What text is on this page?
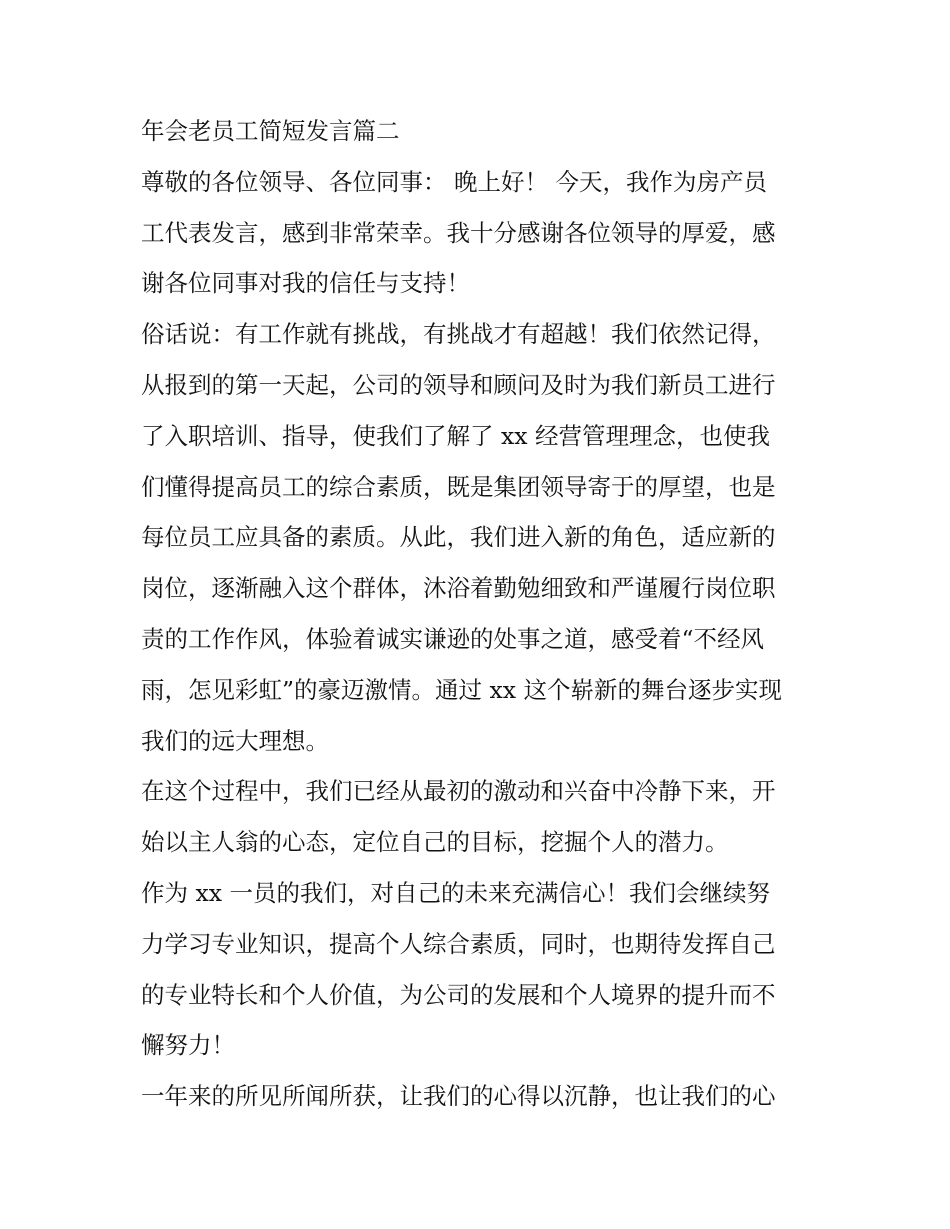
年会老员工简短发言篇二
尊敬的各位领导、各位同事： 晚上好！ 今天，我作为房产员
工代表发言，感到非常荣幸。我十分感谢各位领导的厚爱，感
谢各位同事对我的信任与支持！
俗话说：有工作就有挑战，有挑战才有超越！我们依然记得，
从报到的第一天起，公司的领导和顾问及时为我们新员工进行
了入职培训、指导，使我们了解了 xx 经营管理理念，也使我
们懂得提高员工的综合素质，既是集团领导寄于的厚望，也是
每位员工应具备的素质。从此，我们进入新的角色，适应新的
岗位，逐渐融入这个群体，沐浴着勤勉细致和严谨履行岗位职
责的工作作风，体验着诚实谦逊的处事之道，感受着“不经风
雨，怎见彩虹”的豪迈激情。通过 xx 这个崭新的舞台逐步实现
我们的远大理想。
在这个过程中，我们已经从最初的激动和兴奋中冷静下来，开
始以主人翁的心态，定位自己的目标，挖掘个人的潜力。
作为 xx 一员的我们，对自己的未来充满信心！我们会继续努
力学习专业知识，提高个人综合素质，同时，也期待发挥自己
的专业特长和个人价值，为公司的发展和个人境界的提升而不
懈努力！
一年来的所见所闻所获，让我们的心得以沉静，也让我们的心
